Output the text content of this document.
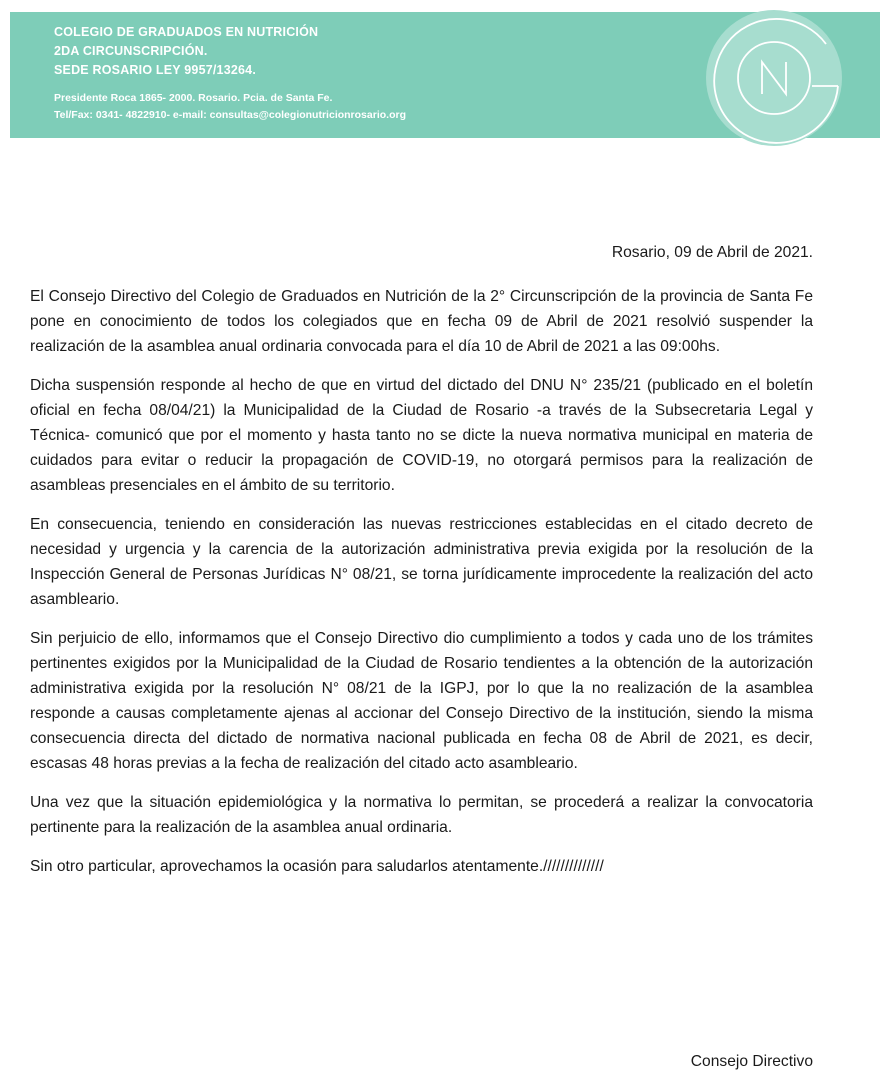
COLEGIO DE GRADUADOS EN NUTRICIÓN
2DA CIRCUNSCRIPCIÓN.
SEDE ROSARIO LEY 9957/13264.
Presidente Roca 1865- 2000. Rosario. Pcia. de Santa Fe.
Tel/Fax: 0341- 4822910- e-mail: consultas@colegionutricionrosario.org

Rosario, 09 de Abril de 2021.

El Consejo Directivo del Colegio de Graduados en Nutrición de la 2° Circunscripción de la provincia de Santa Fe pone en conocimiento de todos los colegiados que en fecha 09 de Abril de 2021 resolvió suspender la realización de la asamblea anual ordinaria convocada para el día 10 de Abril de 2021 a las 09:00hs.

Dicha suspensión responde al hecho de que en virtud del dictado del DNU N° 235/21 (publicado en el boletín oficial en fecha 08/04/21) la Municipalidad de la Ciudad de Rosario -a través de la Subsecretaria Legal y Técnica- comunicó que por el momento y hasta tanto no se dicte la nueva normativa municipal en materia de cuidados para evitar o reducir la propagación de COVID-19, no otorgará permisos para la realización de asambleas presenciales en el ámbito de su territorio.

En consecuencia, teniendo en consideración las nuevas restricciones establecidas en el citado decreto de necesidad y urgencia y la carencia de la autorización administrativa previa exigida por la resolución de la Inspección General de Personas Jurídicas N° 08/21, se torna jurídicamente improcedente la realización del acto asambleario.

Sin perjuicio de ello, informamos que el Consejo Directivo dio cumplimiento a todos y cada uno de los trámites pertinentes exigidos por la Municipalidad de la Ciudad de Rosario tendientes a la obtención de la autorización administrativa exigida por la resolución N° 08/21 de la IGPJ, por lo que la no realización de la asamblea responde a causas completamente ajenas al accionar del Consejo Directivo de la institución, siendo la misma consecuencia directa del dictado de normativa nacional publicada en fecha 08 de Abril de 2021, es decir, escasas 48 horas previas a la fecha de realización del citado acto asambleario.

Una vez que la situación epidemiológica y la normativa lo permitan, se procederá a realizar la convocatoria pertinente para la realización de la asamblea anual ordinaria.

Sin otro particular, aprovechamos la ocasión para saludarlos atentamente.//////////////

Consejo Directivo
